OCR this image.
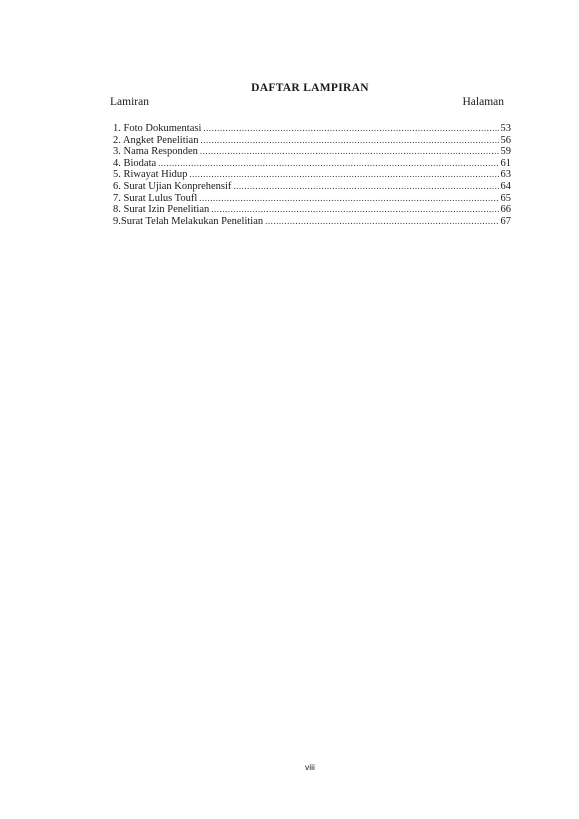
DAFTAR LAMPIRAN
Lamiran	Halaman
1. Foto Dokumentasi .....	53
2. Angket Penelitian .....	56
3. Nama Responden .....	59
4. Biodata .....	61
5. Riwayat Hidup .....	63
6. Surat Ujian Konprehensif .....	64
7. Surat Lulus Toufl .....	65
8. Surat Izin Penelitian .....	66
9.Surat Telah Melakukan Penelitian .....	67
viii
